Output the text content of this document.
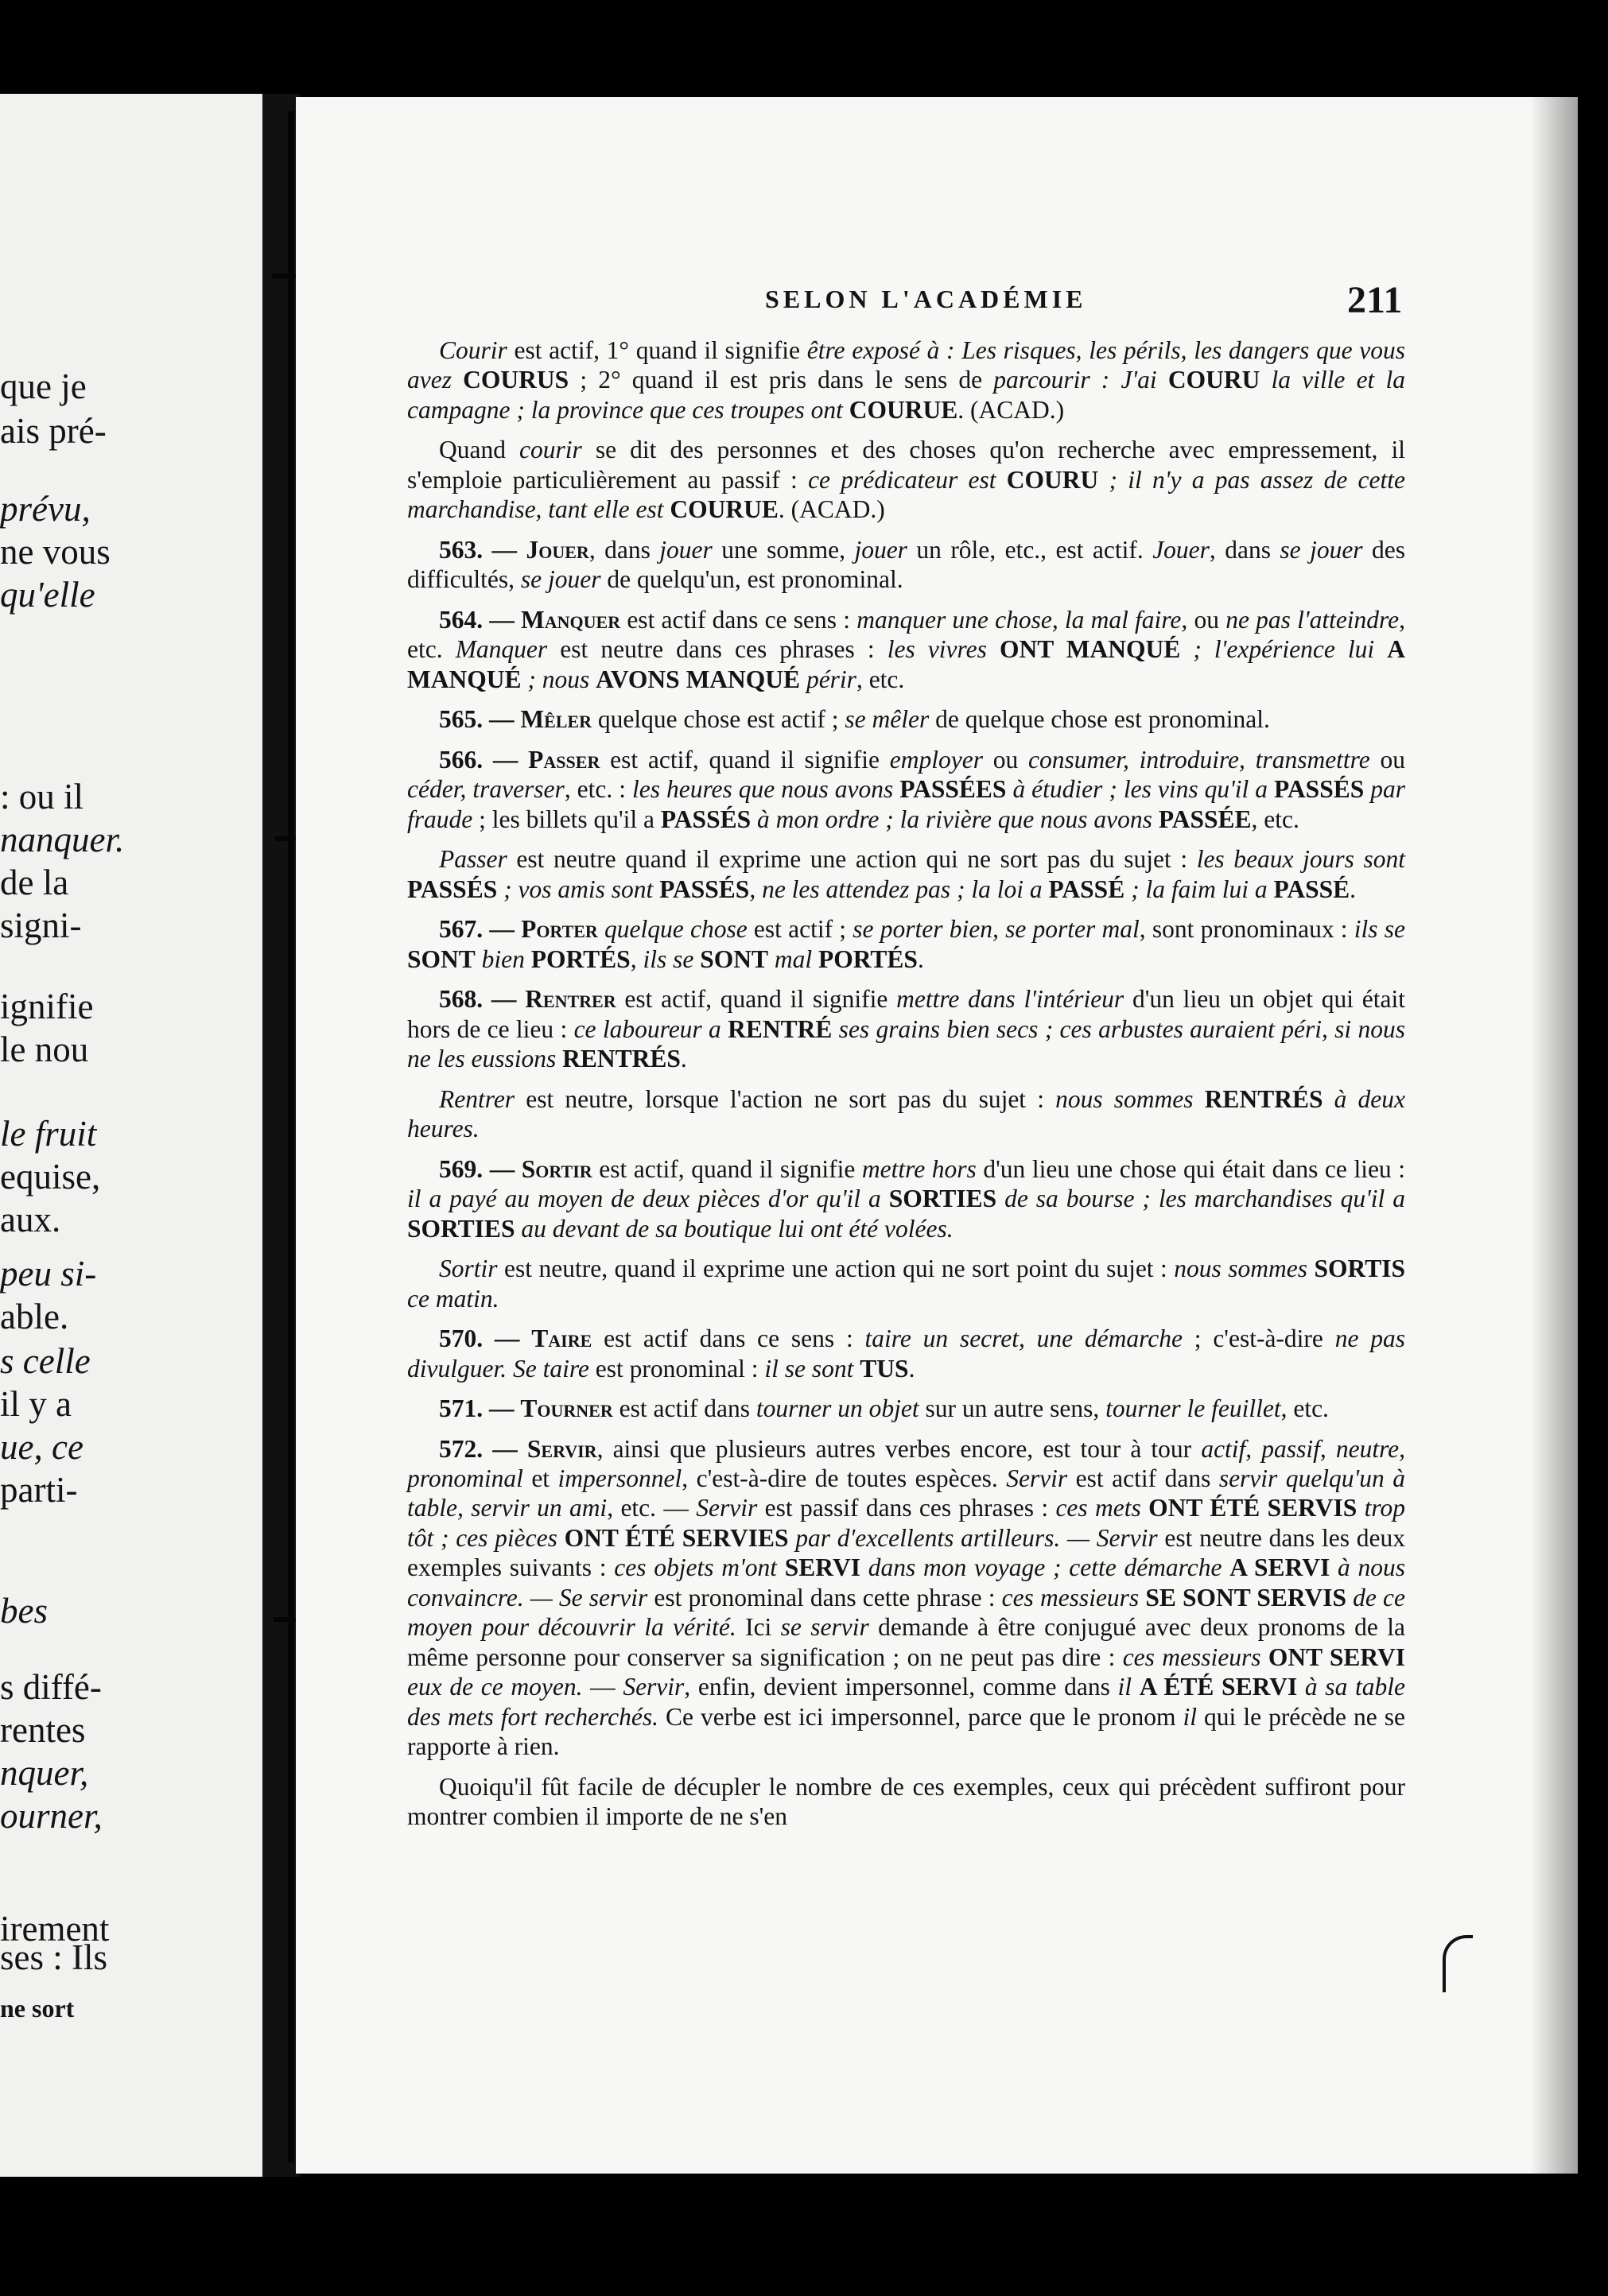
que je
ais pré-
prévu,
ne vous
qu'elle
: ou il
nanquer.
de la
signi-
ignifie
le nou
le fruit
equise,
aux.
peu si-
able.
s celle
il y a
ue, ce
parti-
bes
s diffé-
rentes
nquer,
ourner,
irement
ses : Ils
ne sort
SELON L'ACADÉMIE	211

Courir est actif, 1° quand il signifie être exposé à : Les risques, les périls, les dangers que vous avez COURUS ; 2° quand il est pris dans le sens de parcourir : J'ai COURU la ville et la campagne ; la province que ces troupes ont COURUE. (ACAD.)

Quand courir se dit des personnes et des choses qu'on recherche avec empressement, il s'emploie particulièrement au passif : ce prédicateur est COURU ; il n'y a pas assez de cette marchandise, tant elle est COURUE. (ACAD.)

563. — Jouer, dans jouer une somme, jouer un rôle, etc., est actif. Jouer, dans se jouer des difficultés, se jouer de quelqu'un, est pronominal.

564. — Manquer est actif dans ce sens : manquer une chose, la mal faire, ou ne pas l'atteindre, etc. Manquer est neutre dans ces phrases : les vivres ONT MANQUÉ ; l'expérience lui A MANQUÉ ; nous AVONS MANQUÉ périr, etc.

565. — Mêler quelque chose est actif ; se mêler de quelque chose est pronominal.

566. — Passer est actif, quand il signifie employer ou consumer, introduire, transmettre ou céder, traverser, etc. : les heures que nous avons PASSÉES à étudier ; les vins qu'il a PASSÉS par fraude ; les billets qu'il a PASSÉS à mon ordre ; la rivière que nous avons PASSÉE, etc.

Passer est neutre quand il exprime une action qui ne sort pas du sujet : les beaux jours sont PASSÉS ; vos amis sont PASSÉS, ne les attendez pas ; la loi a PASSÉ ; la faim lui a PASSÉ.

567. — Porter quelque chose est actif ; se porter bien, se porter mal, sont pronominaux : ils se SONT bien PORTÉS, ils se SONT mal PORTÉS.

568. — Rentrer est actif, quand il signifie mettre dans l'intérieur d'un lieu un objet qui était hors de ce lieu : ce laboureur a RENTRÉ ses grains bien secs ; ces arbustes auraient péri, si nous ne les eussions RENTRÉS.

Rentrer est neutre, lorsque l'action ne sort pas du sujet : nous sommes RENTRÉS à deux heures.

569. — Sortir est actif, quand il signifie mettre hors d'un lieu une chose qui était dans ce lieu : il a payé au moyen de deux pièces d'or qu'il a SORTIES de sa bourse ; les marchandises qu'il a SORTIES au devant de sa boutique lui ont été volées.

Sortir est neutre, quand il exprime une action qui ne sort point du sujet : nous sommes SORTIS ce matin.

570. — Taire est actif dans ce sens : taire un secret, une démarche ; c'est-à-dire ne pas divulguer. Se taire est pronominal : il se sont TUS.

571. — Tourner est actif dans tourner un objet sur un autre sens, tourner le feuillet, etc.

572. — Servir, ainsi que plusieurs autres verbes encore, est tour à tour actif, passif, neutre, pronominal et impersonnel, c'est-à-dire de toutes espèces. Servir est actif dans servir quelqu'un à table, servir un ami, etc. — Servir est passif dans ces phrases : ces mets ONT ÉTÉ SERVIS trop tôt ; ces pièces ONT ÉTÉ SERVIES par d'excellents artilleurs. — Servir est neutre dans les deux exemples suivants : ces objets m'ont SERVI dans mon voyage ; cette démarche A SERVI à nous convaincre. — Se servir est pronominal dans cette phrase : ces messieurs SE SONT SERVIS de ce moyen pour découvrir la vérité. Ici se servir demande à être conjugué avec deux pronoms de la même personne pour conserver sa signification ; on ne peut pas dire : ces messieurs ONT SERVI eux de ce moyen. — Servir, enfin, devient impersonnel, comme dans il A ÉTÉ SERVI à sa table des mets fort recherchés. Ce verbe est ici impersonnel, parce que le pronom il qui le précède ne se rapporte à rien.

Quoiqu'il fût facile de décupler le nombre de ces exemples, ceux qui précèdent suffiront pour montrer combien il importe de ne s'en
